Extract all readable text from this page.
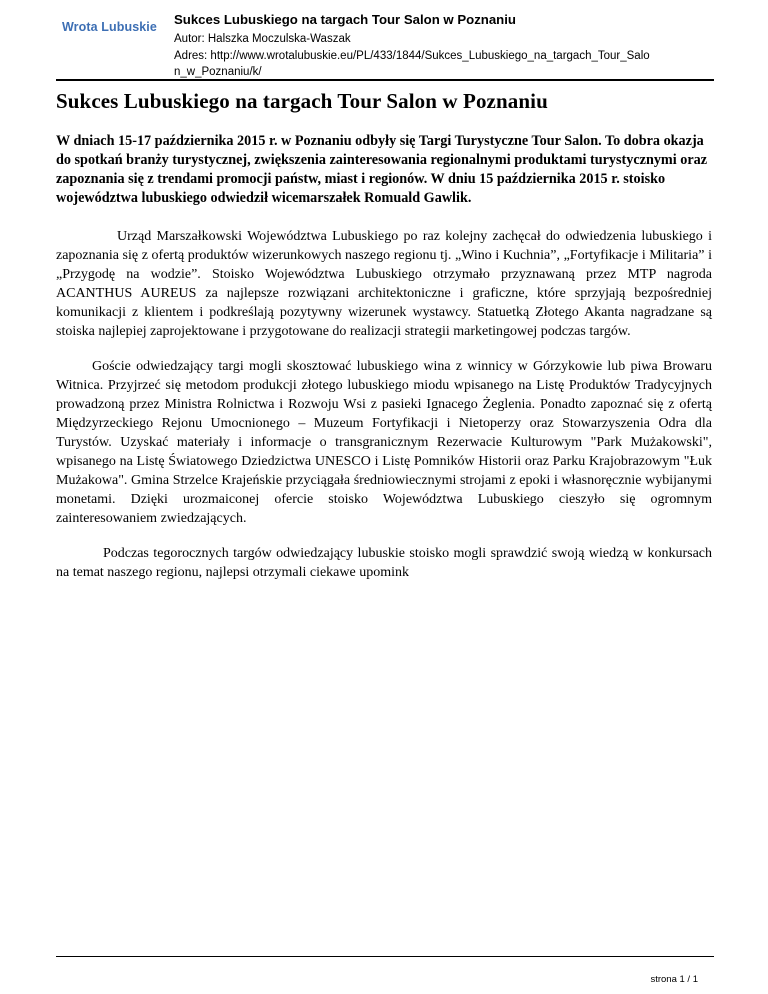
Wrota Lubuskie Sukces Lubuskiego na targach Tour Salon w Poznaniu
Autor: Halszka Moczulska-Waszak
Adres: http://www.wrotalubuskie.eu/PL/433/1844/Sukces_Lubuskiego_na_targach_Tour_Salo
n_w_Poznaniu/k/
Sukces Lubuskiego na targach Tour Salon w Poznaniu

W dniach 15-17 października 2015 r. w Poznaniu odbyły się Targi Turystyczne Tour Salon. To dobra okazja do spotkań branży turystycznej, zwiększenia zainteresowania regionalnymi produktami turystycznymi oraz zapoznania się z trendami promocji państw, miast i regionów. W dniu 15 października 2015 r. stoisko województwa lubuskiego odwiedził wicemarszałek Romuald Gawlik.

Urząd Marszałkowski Województwa Lubuskiego po raz kolejny zachęcał do odwiedzenia lubuskiego i zapoznania się z ofertą produktów wizerunkowych naszego regionu tj. „Wino i Kuchnia”, „Fortyfikacje i Militaria” i „Przygodę na wodzie”. Stoisko Województwa Lubuskiego otrzymało przyznawaną przez MTP nagroda ACANTHUS AUREUS za najlepsze rozwiązani architektoniczne i graficzne, które sprzyjają bezpośredniej komunikacji z klientem i podkreślają pozytywny wizerunek wystawcy. Statuetką Złotego Akanta nagradzane są stoiska najlepiej zaprojektowane i przygotowane do realizacji strategii marketingowej podczas targów.

Goście odwiedzający targi mogli skosztować lubuskiego wina z winnicy w Górzykowie lub piwa Browaru Witnica. Przyjrzeć się metodom produkcji złotego lubuskiego miodu wpisanego na Listę Produktów Tradycyjnych prowadzoną przez Ministra Rolnictwa i Rozwoju Wsi z pasieki Ignacego Żeglenia. Ponadto zapoznać się z ofertą Międzyrzeckiego Rejonu Umocnionego – Muzeum Fortyfikacji i Nietoperzy oraz Stowarzyszenia Odra dla Turystów. Uzyskać materiały i informacje o transgranicznym Rezerwacie Kulturowym "Park Mużakowski", wpisanego na Listę Światowego Dziedzictwa UNESCO i Listę Pomników Historii oraz Parku Krajobrazowym "Łuk Mużakowa". Gmina Strzelce Krajeńskie przyciągała średniowiecznymi strojami z epoki i własnoręcznie wybijanymi monetami. Dzięki urozmaiconej ofercie stoisko Województwa Lubuskiego cieszyło się ogromnym zainteresowaniem zwiedzających.

Podczas tegorocznych targów odwiedzający lubuskie stoisko mogli sprawdzić swoją wiedzą w konkursach na temat naszego regionu, najlepsi otrzymali ciekawe upomink

strona 1 / 1
